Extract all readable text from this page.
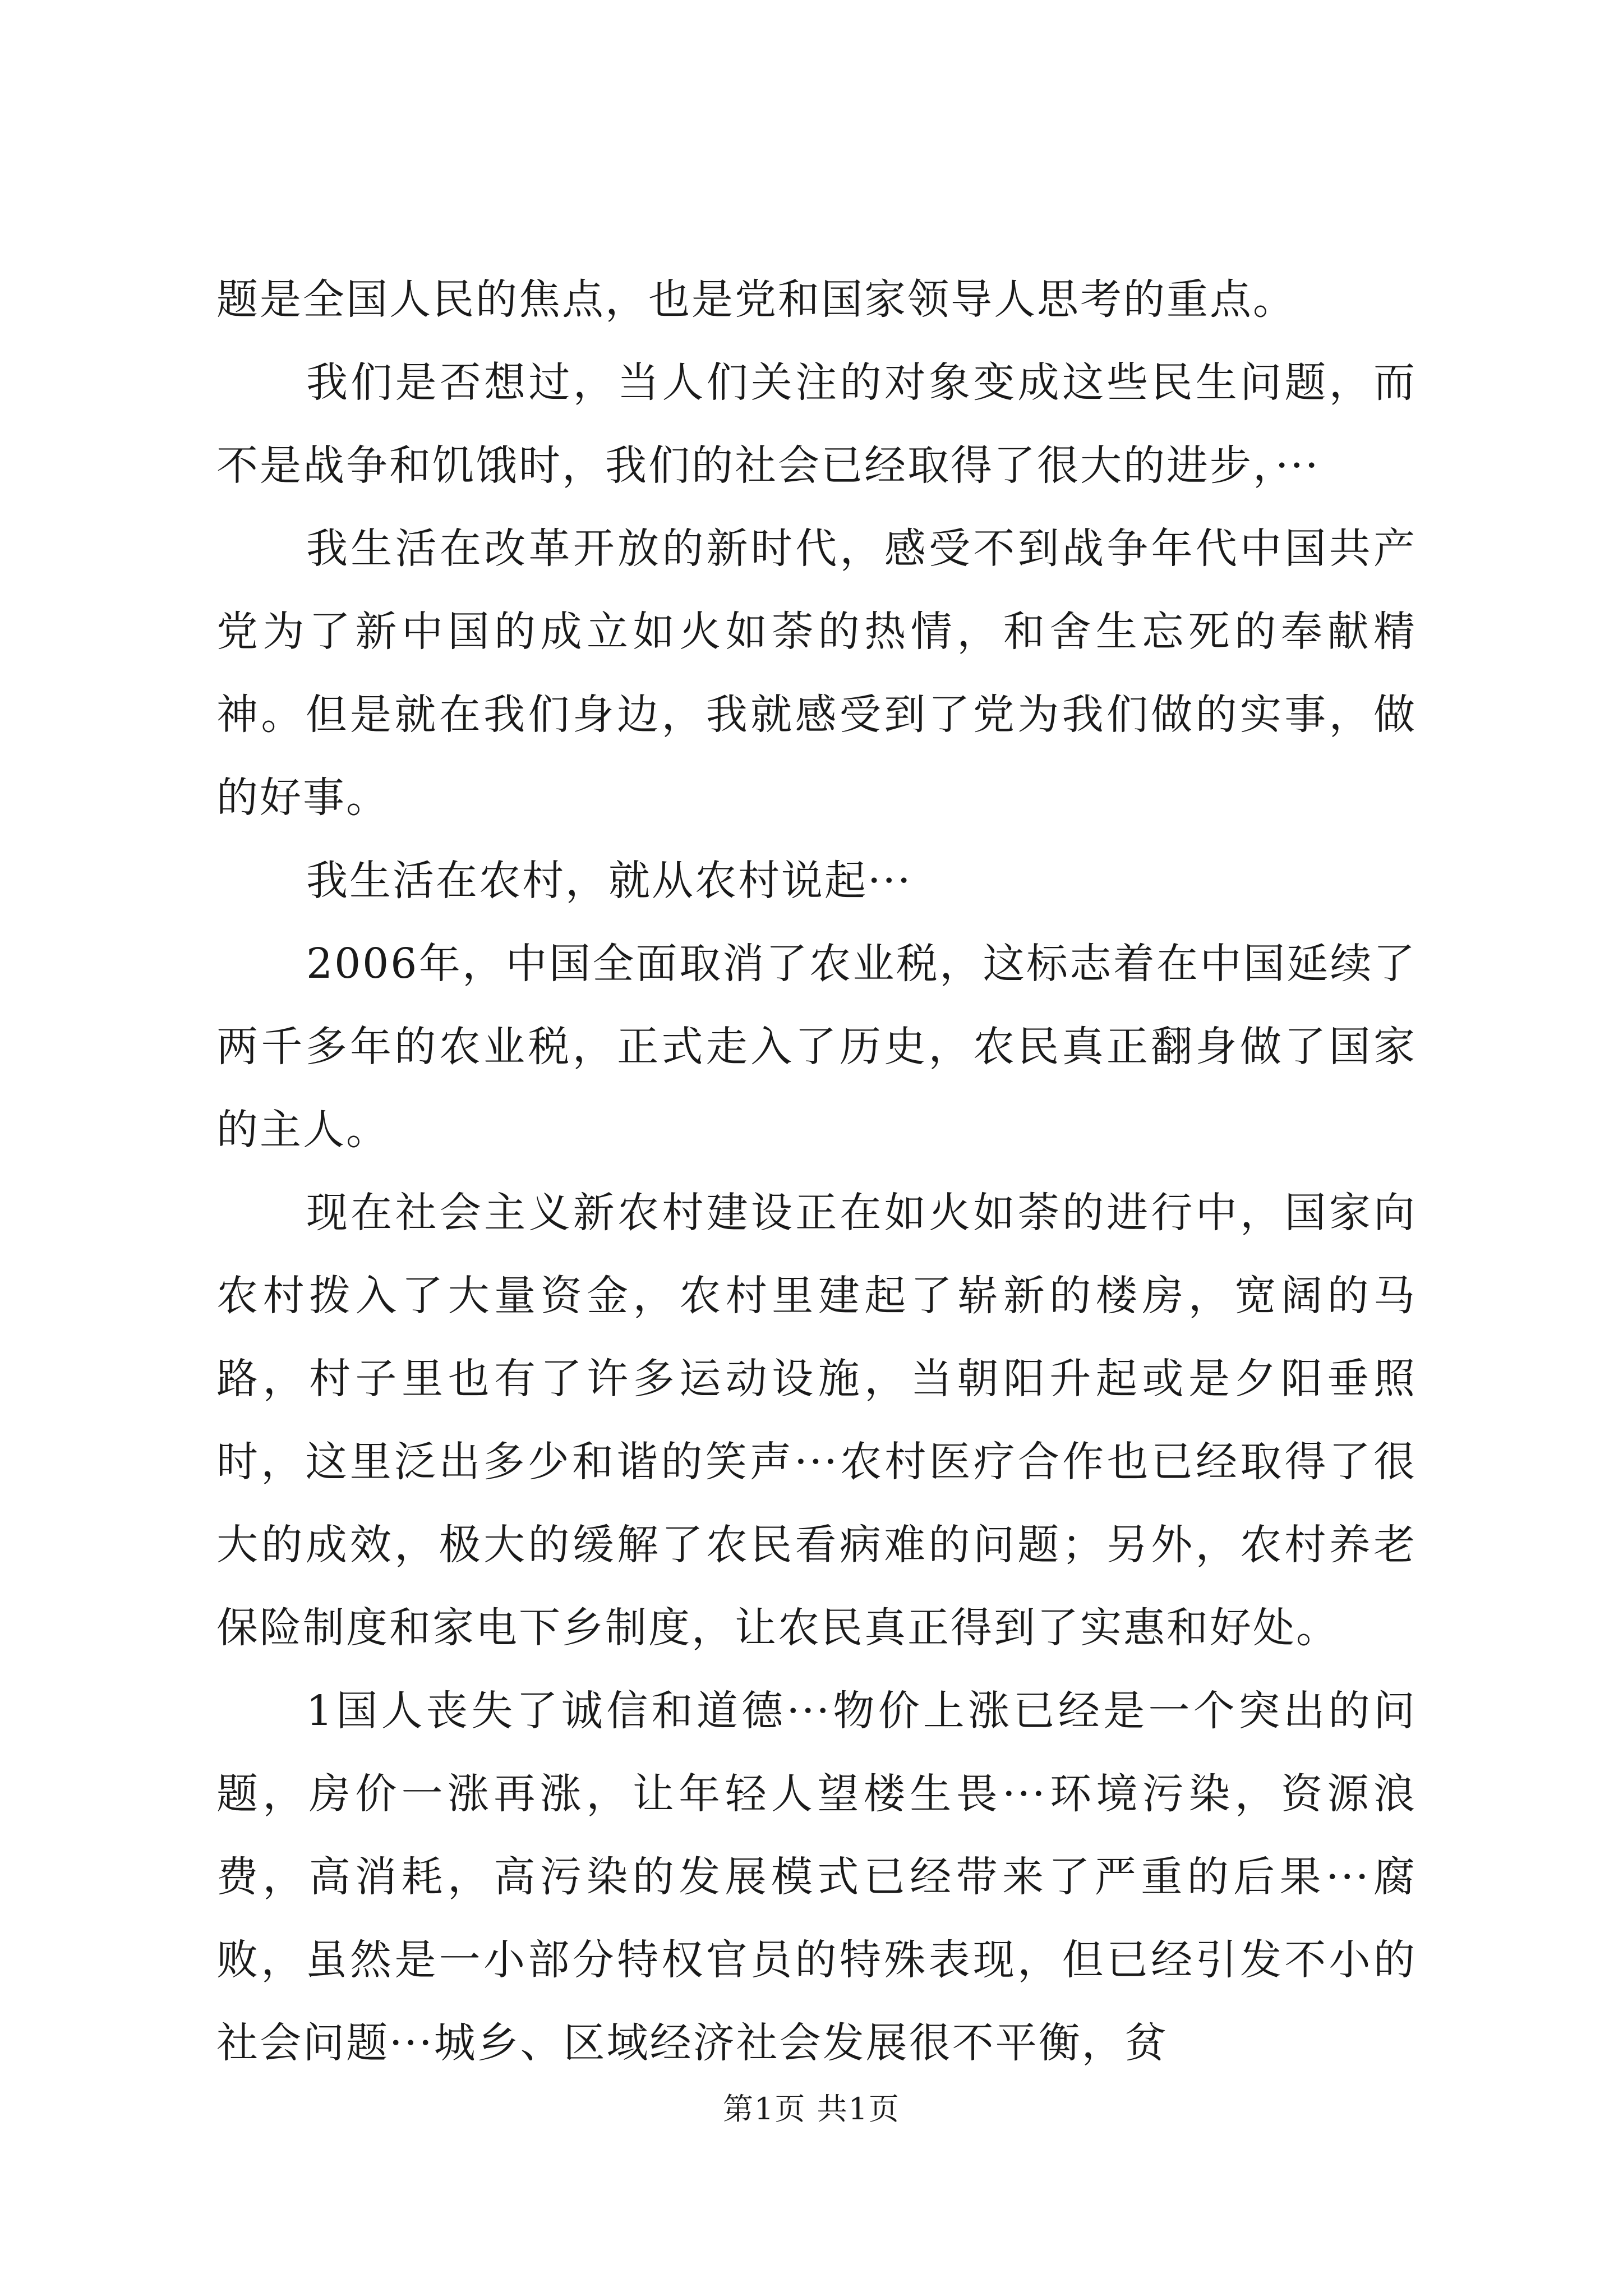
题是全国人民的焦点，也是党和国家领导人思考的重点。

我们是否想过，当人们关注的对象变成这些民生问题，而不是战争和饥饿时，我们的社会已经取得了很大的进步，···

我生活在改革开放的新时代，感受不到战争年代中国共产党为了新中国的成立如火如荼的热情，和舍生忘死的奉献精神。但是就在我们身边，我就感受到了党为我们做的实事，做的好事。

我生活在农村，就从农村说起···

2006年，中国全面取消了农业税，这标志着在中国延续了两千多年的农业税，正式走入了历史，农民真正翻身做了国家的主人。

现在社会主义新农村建设正在如火如荼的进行中，国家向农村拨入了大量资金，农村里建起了崭新的楼房，宽阔的马路，村子里也有了许多运动设施，当朝阳升起或是夕阳垂照时，这里泛出多少和谐的笑声···农村医疗合作也已经取得了很大的成效，极大的缓解了农民看病难的问题；另外，农村养老保险制度和家电下乡制度，让农民真正得到了实惠和好处。

1国人丧失了诚信和道德···物价上涨已经是一个突出的问题，房价一涨再涨，让年轻人望楼生畏···环境污染，资源浪费，高消耗，高污染的发展模式已经带来了严重的后果···腐败，虽然是一小部分特权官员的特殊表现，但已经引发不小的社会问题···城乡、区域经济社会发展很不平衡，贫

第1页 共1页
